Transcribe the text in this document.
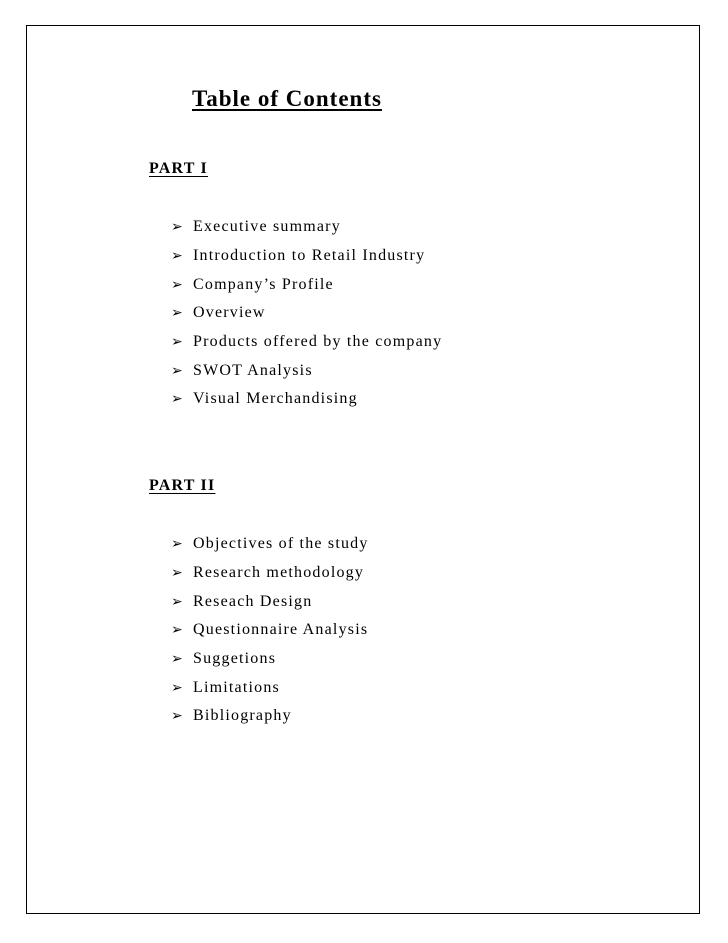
Table of Contents
PART I
➢ Executive summary
➢ Introduction to Retail Industry
➢ Company’s Profile
➢ Overview
➢ Products offered by the company
➢ SWOT Analysis
➢ Visual Merchandising
PART II
➢ Objectives of the study
➢ Research methodology
➢ Reseach Design
➢ Questionnaire Analysis
➢ Suggetions
➢ Limitations
➢ Bibliography
